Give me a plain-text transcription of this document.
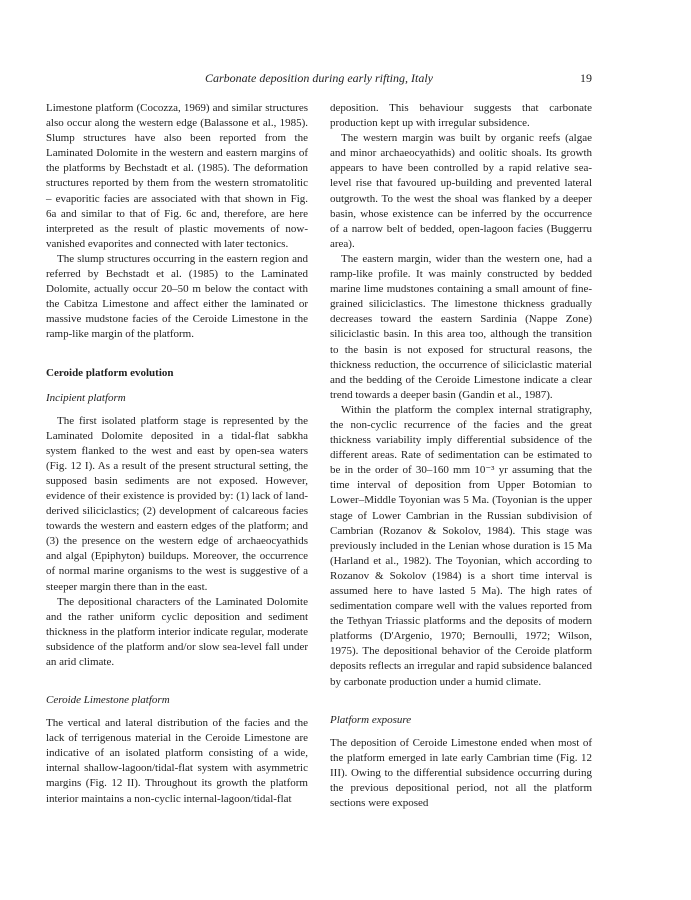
Carbonate deposition during early rifting, Italy	19

Limestone platform (Cocozza, 1969) and similar structures also occur along the western edge (Balassone et al., 1985). Slump structures have also been reported from the Laminated Dolomite in the western and eastern margins of the platforms by Bechstadt et al. (1985). The deformation structures reported by them from the western stromatolitic – evaporitic facies are associated with that shown in Fig. 6a and similar to that of Fig. 6c and, therefore, are here interpreted as the result of plastic movements of now-vanished evaporites and connected with later tectonics.

The slump structures occurring in the eastern region and referred by Bechstadt et al. (1985) to the Laminated Dolomite, actually occur 20–50 m below the contact with the Cabitza Limestone and affect either the laminated or massive mudstone facies of the Ceroide Limestone in the ramp-like margin of the platform.

Ceroide platform evolution
Incipient platform

The first isolated platform stage is represented by the Laminated Dolomite deposited in a tidal-flat sabkha system flanked to the west and east by open-sea waters (Fig. 12 I). As a result of the present structural setting, the supposed basin sediments are not exposed. However, evidence of their existence is provided by: (1) lack of land-derived siliciclastics; (2) development of calcareous facies towards the western and eastern edges of the platform; and (3) the presence on the western edge of archaeocyathids and algal (Epiphyton) buildups. Moreover, the occurrence of normal marine organisms to the west is suggestive of a steeper margin there than in the east.

The depositional characters of the Laminated Dolomite and the rather uniform cyclic deposition and sediment thickness in the platform interior indicate regular, moderate subsidence of the platform and/or slow sea-level fall under an arid climate.

Ceroide Limestone platform

The vertical and lateral distribution of the facies and the lack of terrigenous material in the Ceroide Limestone are indicative of an isolated platform consisting of a wide, internal shallow-lagoon/tidal-flat system with asymmetric margins (Fig. 12 II). Throughout its growth the platform interior maintains a non-cyclic internal-lagoon/tidal-flat

deposition. This behaviour suggests that carbonate production kept up with irregular subsidence.

The western margin was built by organic reefs (algae and minor archaeocyathids) and oolitic shoals. Its growth appears to have been controlled by a rapid relative sea-level rise that favoured up-building and prevented lateral outgrowth. To the west the shoal was flanked by a deeper basin, whose existence can be inferred by the occurrence of a narrow belt of bedded, open-lagoon facies (Buggerru area).

The eastern margin, wider than the western one, had a ramp-like profile. It was mainly constructed by bedded marine lime mudstones containing a small amount of fine-grained siliciclastics. The limestone thickness gradually decreases toward the eastern Sardinia (Nappe Zone) siliciclastic basin. In this area too, although the transition to the basin is not exposed for structural reasons, the thickness reduction, the occurrence of siliciclastic material and the bedding of the Ceroide Limestone indicate a clear trend towards a deeper basin (Gandin et al., 1987).

Within the platform the complex internal stratigraphy, the non-cyclic recurrence of the facies and the great thickness variability imply differential subsidence of the different areas. Rate of sedimentation can be estimated to be in the order of 30–160 mm 10⁻³ yr assuming that the time interval of deposition from Upper Botomian to Lower–Middle Toyonian was 5 Ma. (Toyonian is the upper stage of Lower Cambrian in the Russian subdivision of Cambrian (Rozanov & Sokolov, 1984). This stage was previously included in the Lenian whose duration is 15 Ma (Harland et al., 1982). The Toyonian, which according to Rozanov & Sokolov (1984) is a short time interval is assumed here to have lasted 5 Ma). The high rates of sedimentation compare well with the values reported from the Tethyan Triassic platforms and the deposits of modern platforms (D'Argenio, 1970; Bernoulli, 1972; Wilson, 1975). The depositional behavior of the Ceroide platform deposits reflects an irregular and rapid subsidence balanced by carbonate production under a humid climate.

Platform exposure

The deposition of Ceroide Limestone ended when most of the platform emerged in late early Cambrian time (Fig. 12 III). Owing to the differential subsidence occurring during the previous depositional period, not all the platform sections were exposed
